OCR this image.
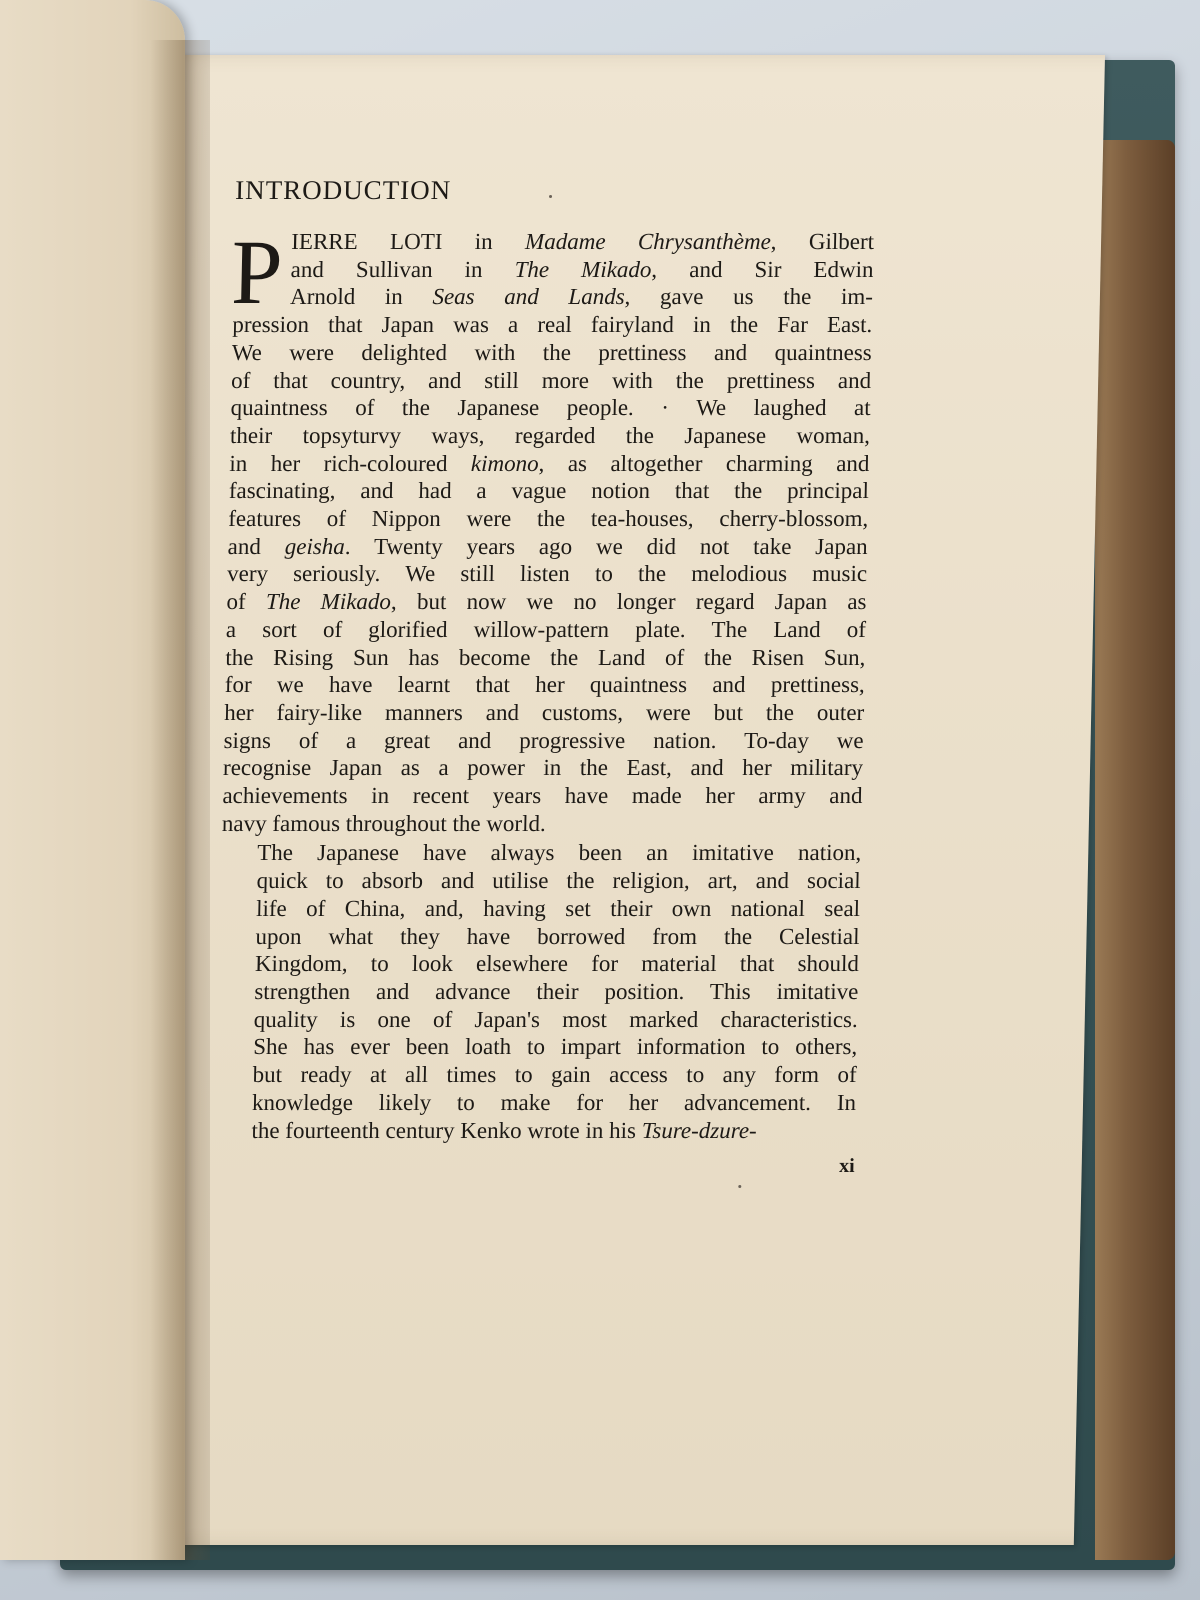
INTRODUCTION
P IERRE LOTI in Madame Chrysanthème, Gilbert
and Sullivan in The Mikado, and Sir Edwin
Arnold in Seas and Lands, gave us the im-
pression that Japan was a real fairyland in the Far East.
We were delighted with the prettiness and quaintness
of that country, and still more with the prettiness and
quaintness of the Japanese people. · We laughed at
their topsyturvy ways, regarded the Japanese woman,
in her rich-coloured kimono, as altogether charming and
fascinating, and had a vague notion that the principal
features of Nippon were the tea-houses, cherry-blossom,
and geisha. Twenty years ago we did not take Japan
very seriously. We still listen to the melodious music
of The Mikado, but now we no longer regard Japan as
a sort of glorified willow-pattern plate. The Land of
the Rising Sun has become the Land of the Risen Sun,
for we have learnt that her quaintness and prettiness,
her fairy-like manners and customs, were but the outer
signs of a great and progressive nation. To-day we
recognise Japan as a power in the East, and her military
achievements in recent years have made her army and
navy famous throughout the world.
The Japanese have always been an imitative nation,
quick to absorb and utilise the religion, art, and social
life of China, and, having set their own national seal
upon what they have borrowed from the Celestial
Kingdom, to look elsewhere for material that should
strengthen and advance their position. This imitative
quality is one of Japan's most marked characteristics.
She has ever been loath to impart information to others,
but ready at all times to gain access to any form of
knowledge likely to make for her advancement. In
the fourteenth century Kenko wrote in his Tsure-dzure-
xi
